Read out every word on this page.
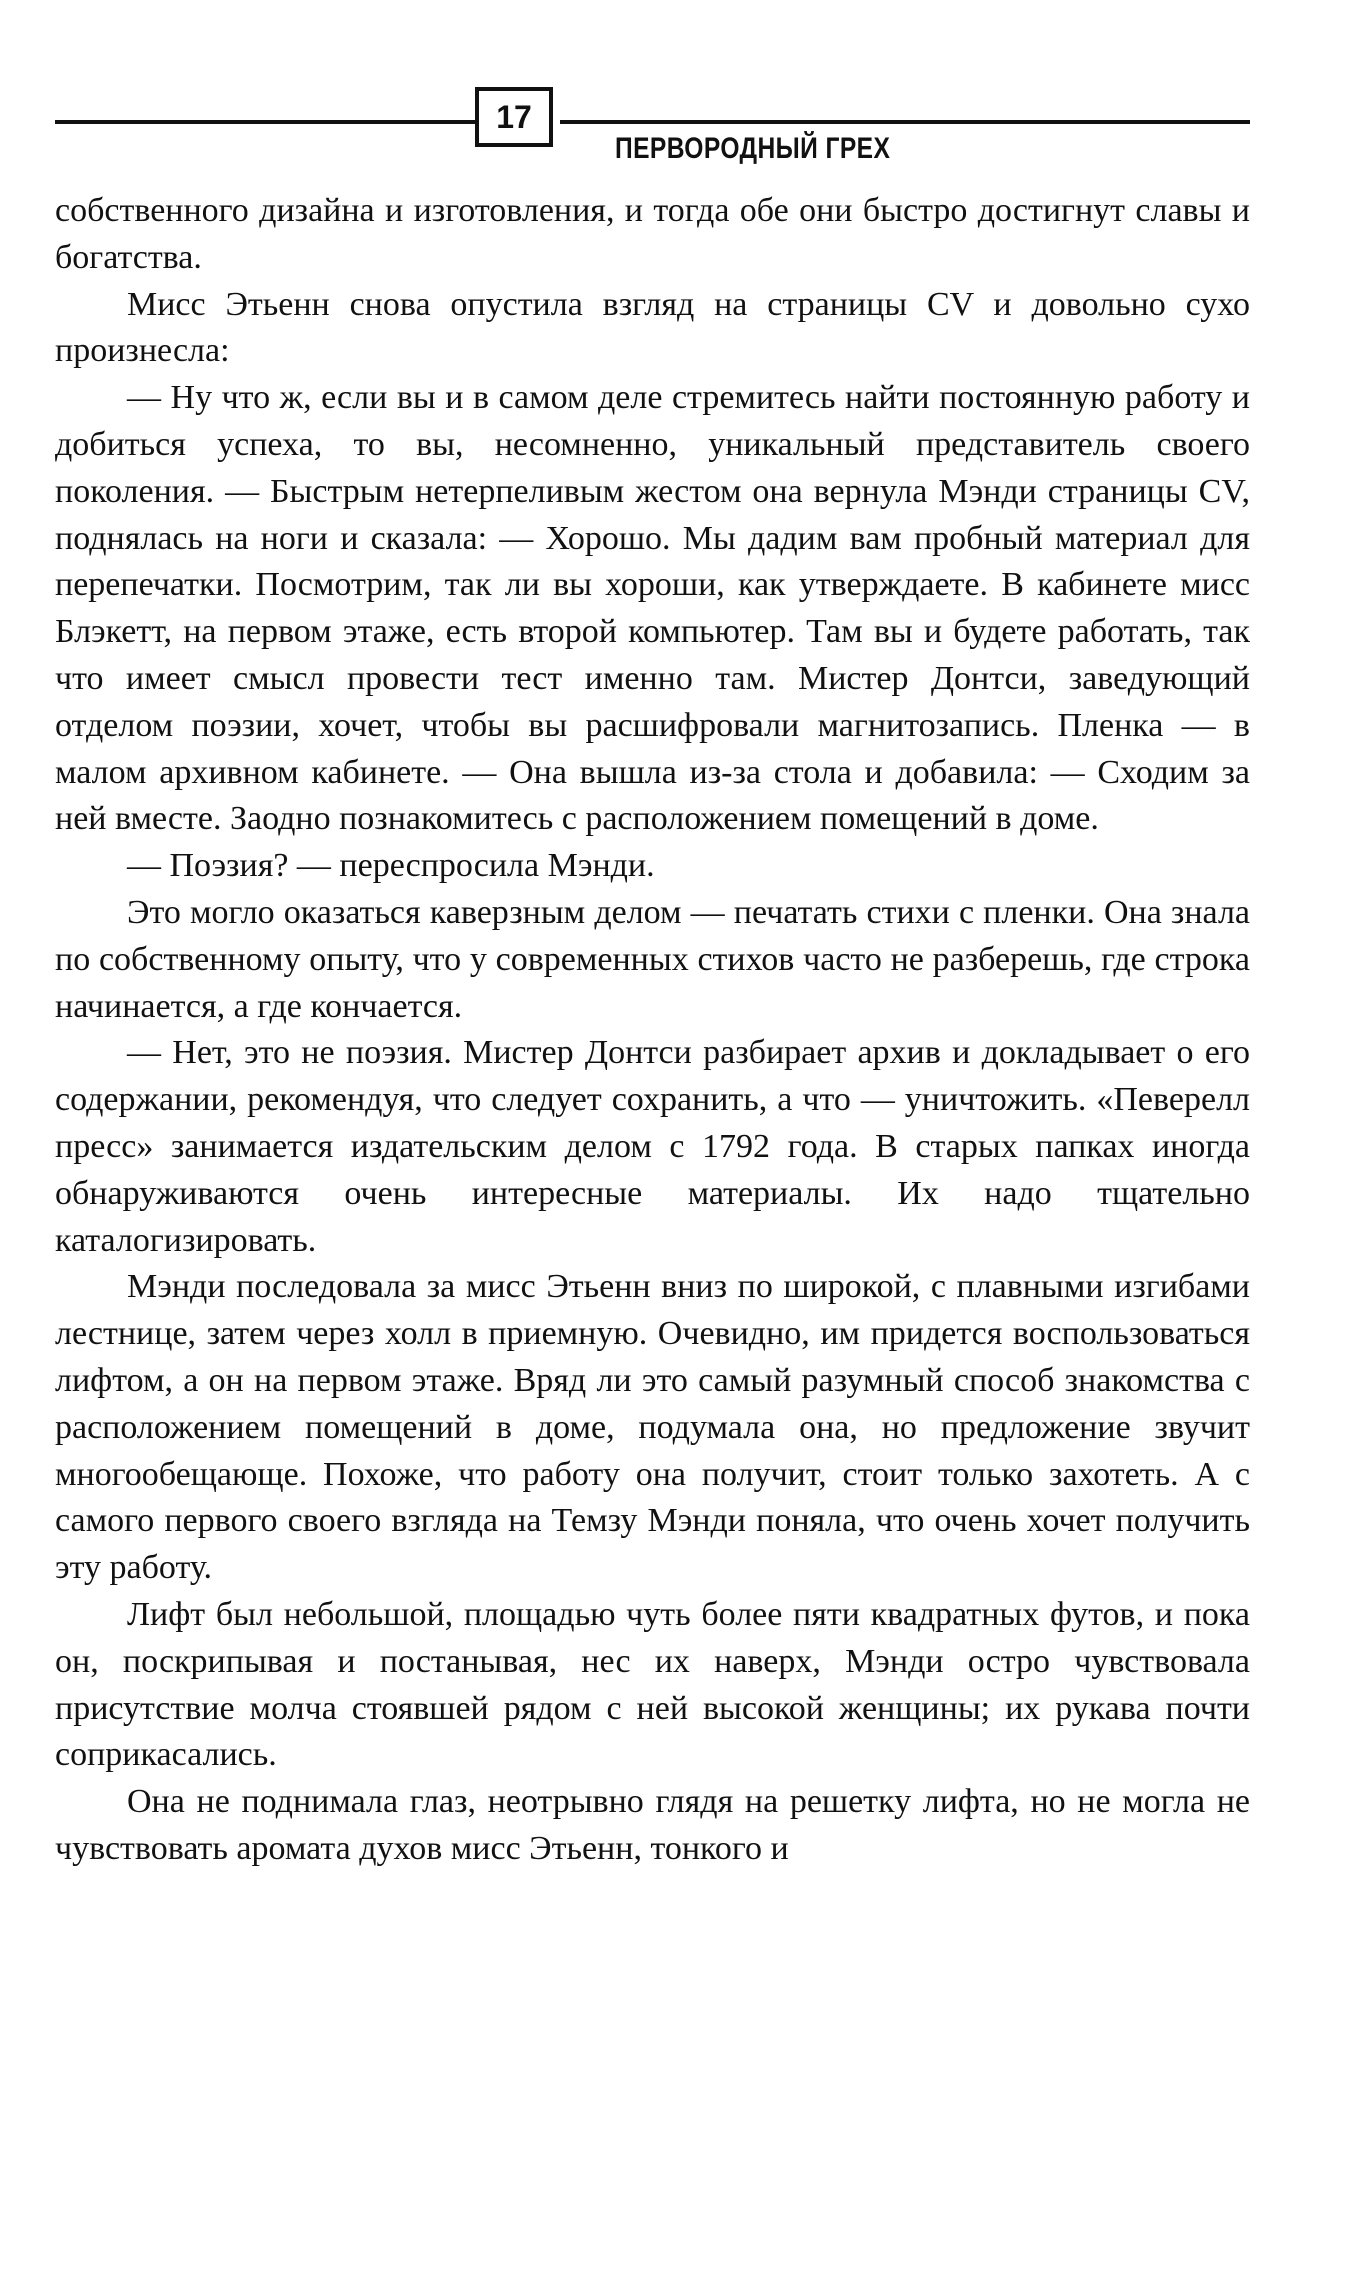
17
ПЕРВОРОДНЫЙ ГРЕХ

собственного дизайна и изготовления, и тогда обе они быстро достигнут славы и богатства.

Мисс Этьенн снова опустила взгляд на страницы CV и довольно сухо произнесла:

— Ну что ж, если вы и в самом деле стремитесь найти постоянную работу и добиться успеха, то вы, несомненно, уникальный представитель своего поколения. — Быстрым нетерпеливым жестом она вернула Мэнди страницы CV, поднялась на ноги и сказала: — Хорошо. Мы дадим вам пробный материал для перепечатки. Посмотрим, так ли вы хороши, как утверждаете. В кабинете мисс Блэкетт, на первом этаже, есть второй компьютер. Там вы и будете работать, так что имеет смысл провести тест именно там. Мистер Донтси, заведующий отделом поэзии, хочет, чтобы вы расшифровали магнитозапись. Пленка — в малом архивном кабинете. — Она вышла из-за стола и добавила: — Сходим за ней вместе. Заодно познакомитесь с расположением помещений в доме.

— Поэзия? — переспросила Мэнди.

Это могло оказаться каверзным делом — печатать стихи с пленки. Она знала по собственному опыту, что у современных стихов часто не разберешь, где строка начинается, а где кончается.

— Нет, это не поэзия. Мистер Донтси разбирает архив и докладывает о его содержании, рекомендуя, что следует сохранить, а что — уничтожить. «Певерелл пресс» занимается издательским делом с 1792 года. В старых папках иногда обнаруживаются очень интересные материалы. Их надо тщательно каталогизировать.

Мэнди последовала за мисс Этьенн вниз по широкой, с плавными изгибами лестнице, затем через холл в приемную. Очевидно, им придется воспользоваться лифтом, а он на первом этаже. Вряд ли это самый разумный способ знакомства с расположением помещений в доме, подумала она, но предложение звучит многообещающе. Похоже, что работу она получит, стоит только захотеть. А с самого первого своего взгляда на Темзу Мэнди поняла, что очень хочет получить эту работу.

Лифт был небольшой, площадью чуть более пяти квадратных футов, и пока он, поскрипывая и постанывая, нес их наверх, Мэнди остро чувствовала присутствие молча стоявшей рядом с ней высокой женщины; их рукава почти соприкасались.

Она не поднимала глаз, неотрывно глядя на решетку лифта, но не могла не чувствовать аромата духов мисс Этьенн, тонкого и
